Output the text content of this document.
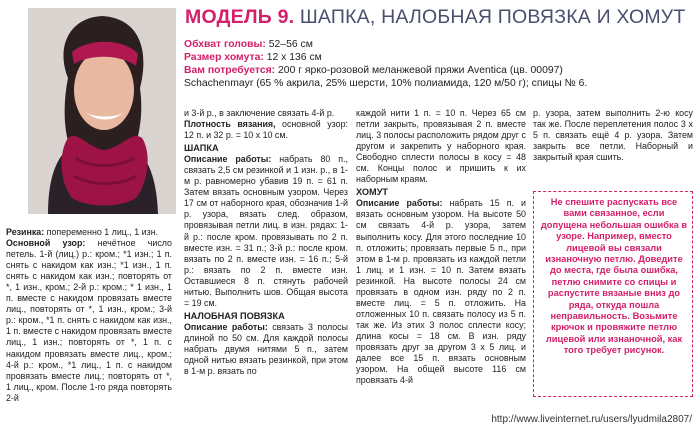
МОДЕЛЬ 9. ШАПКА, НАЛОБНАЯ ПОВЯЗКА И ХОМУТ
Обхват головы: 52–56 см
Размер хомута: 12 х 136 см
Вам потребуется: 200 г ярко-розовой меланжевой пряжи Aventica (цв. 00097)
Schachenmayr (65 % акрила, 25% шерсти, 10% полиамида, 120 м/50 г); спицы № 6.

Резинка: попеременно 1 лиц., 1 изн.

Основной узор: нечётное число петель. 1-й (лиц.) р.: кром.; *1 изн.; 1 п. снять с накидом как изн.; *1 изн., 1 п. снять с накидом как изн.; повторять от *, 1 изн., кром.; 2-й р.: кром.; * 1 изн., 1 п. вместе с накидом провязать вместе лиц., повторять от *, 1 изн., кром.; 3-й р.: кром., *1 п. снять с накидом как изн., 1 п. вместе с накидом провязать вместе лиц., 1 изн.; повторять от *, 1 п. с накидом провязать вместе лиц., кром.; 4-й р.: кром., *1 лиц., 1 п. с накидом провязать вместе лиц.; повторять от *, 1 лиц., кром. После 1-го ряда повторять 2-й

и 3-й р., в заключение связать 4-й р.

Плотность вязания, основной узор: 12 п. и 32 р. = 10 х 10 см.

ШАПКА

Описание работы: набрать 80 п., связать 2,5 см резинкой и 1 изн. р., в 1-м р. равномерно убавив 19 п. = 61 п. Затем вязать основным узором. Через 17 см от наборного края, обозначив 1-й р. узора, вязать след. образом, провязывая петли лиц. в изн. рядах: 1-й р.: после кром. провязывать по 2 п. вместе изн. = 31 п.; 3-й р.: после кром. вязать по 2 п. вместе изн. = 16 п.; 5-й р.: вязать по 2 п. вместе изн. Оставшиеся 8 п. стянуть рабочей нитью. Выполнить шов. Общая высота = 19 см.

НАЛОБНАЯ ПОВЯЗКА

Описание работы: связать 3 полосы длиной по 50 см. Для каждой полосы набрать двумя нитями 5 п., затем одной нитью вязать резинкой, при этом в 1-м р. вязать по

каждой нити 1 п. = 10 п. Через 65 см петли закрыть, провязывая 2 п. вместе лиц. 3 полосы расположить рядом друг с другом и закрепить у наборного края. Свободно сплести полосы в косу = 48 см. Концы полос и пришить к их наборным краям.

ХОМУТ

Описание работы: набрать 15 п. и вязать основным узором. На высоте 50 см связать 4-й р. узора, затем выполнить косу. Для этого последние 10 п. отложить; провязать первые 5 п., при этом в 1-м р. провязать из каждой петли 1 лиц. и 1 изн. = 10 п. Затем вязать резинкой. На высоте полосы 24 см провязать в одном изн. ряду по 2 п. вместе лиц. = 5 п. отложить. На отложенных 10 п. связать полосу из 5 п. так же. Из этих 3 полос сплести косу; длина косы = 18 см. В изн. ряду провязать друг за другом 3 х 5 лиц. и далее все 15 п. вязать основным узором. На общей высоте 116 см провязать 4-й

р. узора, затем выполнить 2-ю косу так же. После переплетения полос 3 х 5 п. связать ещё 4 р. узора. Затем закрыть все петли. Наборный и закрытый края сшить.

Не спешите распускать все вами связанное, если допущена небольшая ошибка в узоре. Например, вместо лицевой вы связали изнаночную петлю. Доведите до места, где была ошибка, петлю снимите со спицы и распустите вязаные вниз до ряда, откуда пошла неправильность. Возьмите крючок и провяжите петлю лицевой или изнаночной, как того требует рисунок.
http://www.liveinternet.ru/users/lyudmila2807/
